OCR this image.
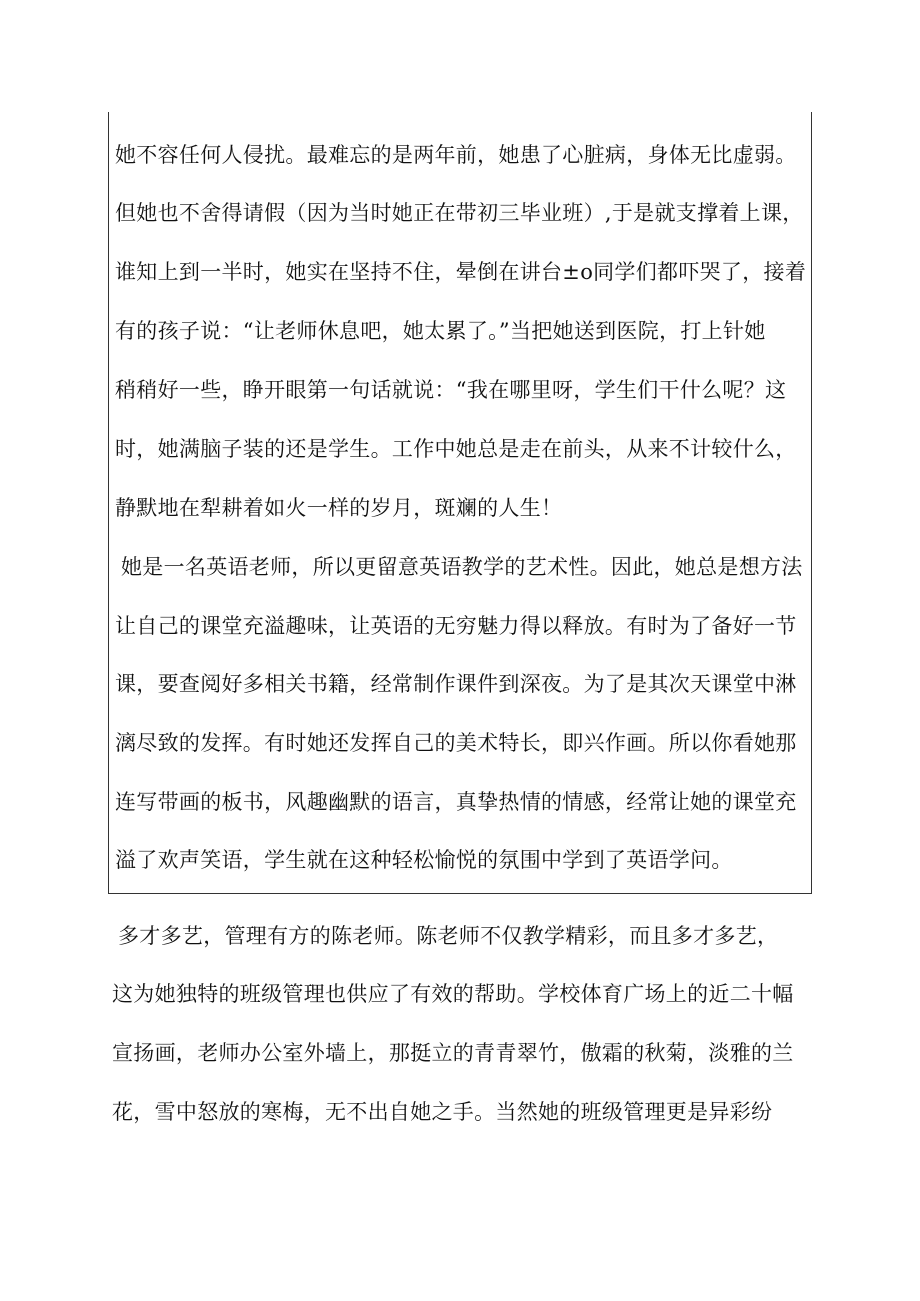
她不容任何人侵扰。最难忘的是两年前，她患了心脏病，身体无比虚弱。
但她也不舍得请假（因为当时她正在带初三毕业班）,于是就支撑着上课，
谁知上到一半时，她实在坚持不住，晕倒在讲台±o同学们都吓哭了，接着
有的孩子说：“让老师休息吧，她太累了。”当把她送到医院，打上针她
稍稍好一些，睁开眼第一句话就说：“我在哪里呀，学生们干什么呢？这
时，她满脑子装的还是学生。工作中她总是走在前头，从来不计较什么，
静默地在犁耕着如火一样的岁月，斑斓的人生！
她是一名英语老师，所以更留意英语教学的艺术性。因此，她总是想方法
让自己的课堂充溢趣味，让英语的无穷魅力得以释放。有时为了备好一节
课，要查阅好多相关书籍，经常制作课件到深夜。为了是其次天课堂中淋
漓尽致的发挥。有时她还发挥自己的美术特长，即兴作画。所以你看她那
连写带画的板书，风趣幽默的语言，真挚热情的情感，经常让她的课堂充
溢了欢声笑语，学生就在这种轻松愉悦的氛围中学到了英语学问。
多才多艺，管理有方的陈老师。陈老师不仅教学精彩，而且多才多艺，
这为她独特的班级管理也供应了有效的帮助。学校体育广场上的近二十幅
宣扬画，老师办公室外墙上，那挺立的青青翠竹，傲霜的秋菊，淡雅的兰
花，雪中怒放的寒梅，无不出自她之手。当然她的班级管理更是异彩纷
